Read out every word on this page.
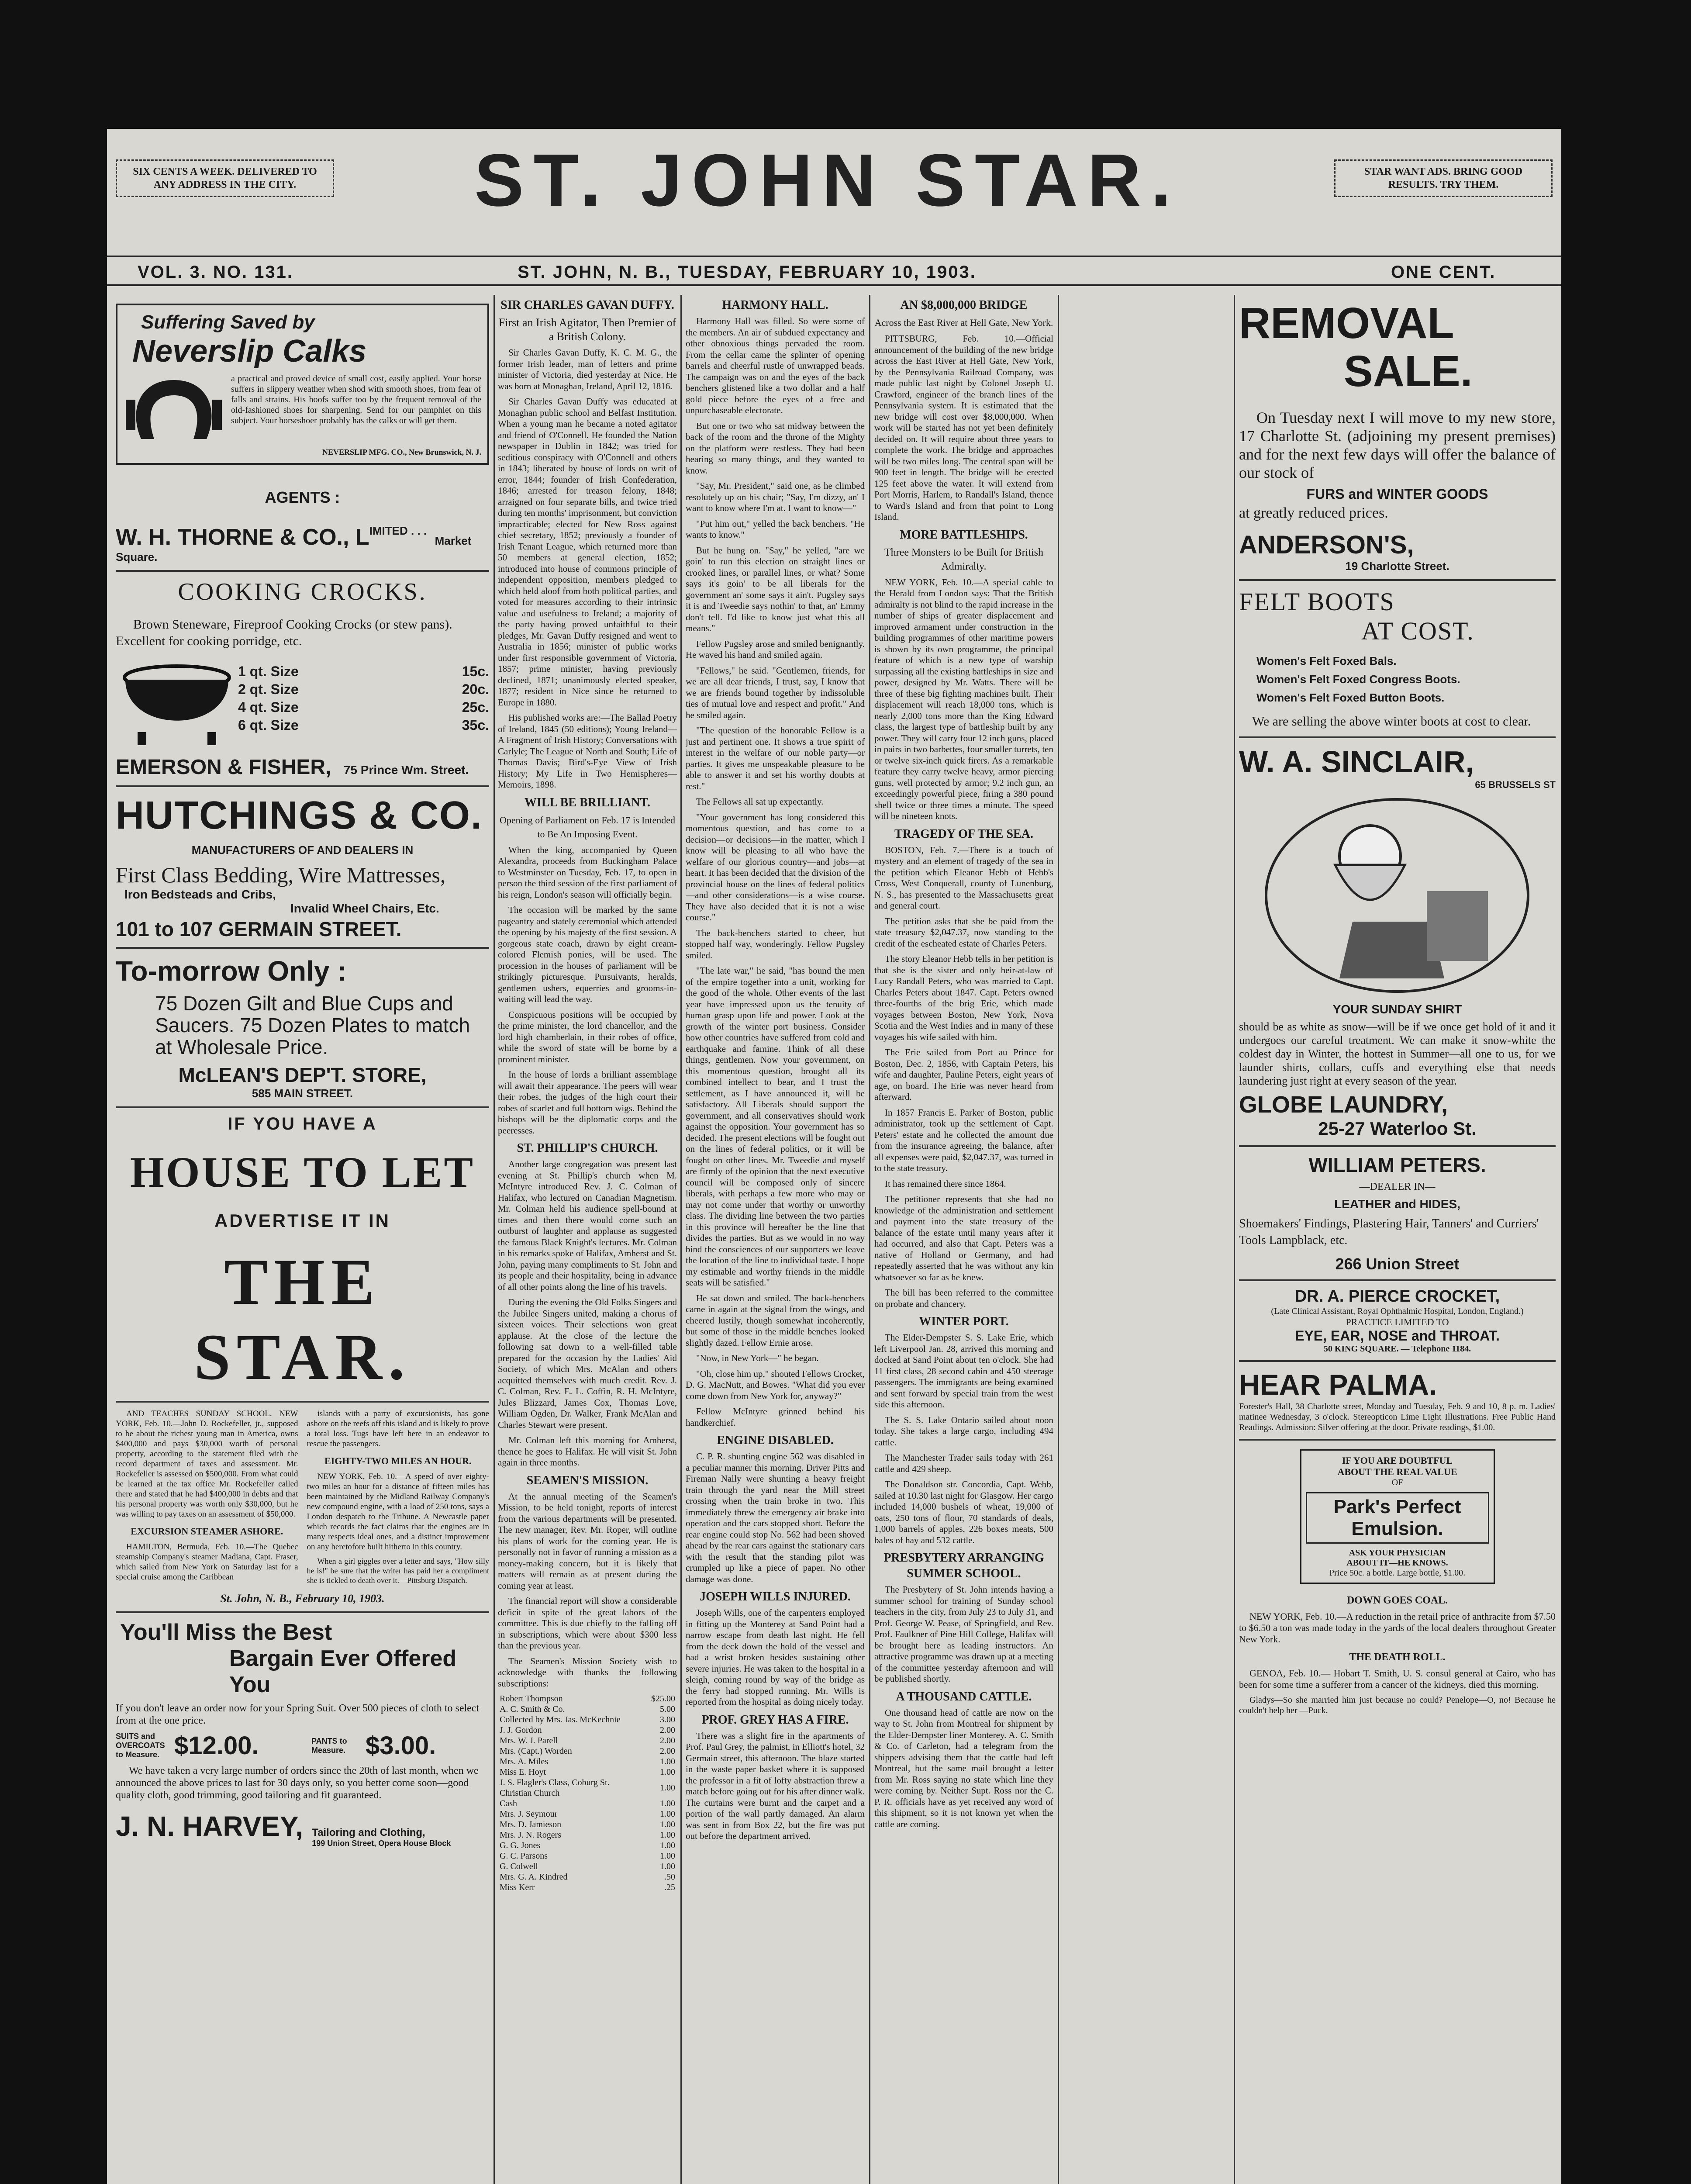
SIX CENTS A WEEK. DELIVERED TO ANY ADDRESS IN THE CITY.	ST. JOHN STAR.	STAR WANT ADS. BRING GOOD RESULTS. TRY THEM.
VOL. 3. NO. 131.	ST. JOHN, N. B., TUESDAY, FEBRUARY 10, 1903.	ONE CENT.
Suffering Saved by
Neverslip Calks
a practical and proved device of small cost, easily applied. Your horse suffers in slippery weather when shod with smooth shoes, from fear of falls and strains. His hoofs suffer too by the frequent removal of the old-fashioned shoes for sharpening. Send for our pamphlet on this subject. Your horseshoer probably has the calks or will get them.
NEVERSLIP MFG. CO., New Brunswick, N. J.
AGENTS :
W. H. THORNE & CO., LIMITED . . . Market Square.
COOKING CROCKS.
Brown Steneware, Fireproof Cooking Crocks (or stew pans). Excellent for cooking porridge, etc.
1 qt. Size	15c.
2 qt. Size	20c.
4 qt. Size	25c.
6 qt. Size	35c.
EMERSON & FISHER, 75 Prince Wm. Street.
HUTCHINGS & CO.
MANUFACTURERS OF AND DEALERS IN
First Class Bedding, Wire Mattresses,
Iron Bedsteads and Cribs,
Invalid Wheel Chairs, Etc.
101 to 107 GERMAIN STREET.
To-morrow Only :
75 Dozen Gilt and Blue Cups and Saucers. 75 Dozen Plates to match at Wholesale Price.
McLEAN'S DEP'T. STORE,
585 MAIN STREET.
IF YOU HAVE A
HOUSE TO LET
ADVERTISE IT IN
THE STAR.
AND TEACHES SUNDAY SCHOOL. NEW YORK, Feb. 10.—John D. Rockefeller, jr., supposed to be about the richest young man in America, owns $400,000 and pays $30,000 worth of personal property, according to the statement filed with the record department of taxes and assessment. Mr. Rockefeller is assessed on $500,000. From what could be learned at the tax office Mr. Rockefeller called there and stated that he had $400,000 in debts and that his personal property was worth only $30,000, but he was willing to pay taxes on an assessment of $50,000.
EXCURSION STEAMER ASHORE.
HAMILTON, Bermuda, Feb. 10.—The Quebec steamship Company's steamer Madiana, Capt. Fraser, which sailed from New York on Saturday last for a special cruise among the Caribbean
islands with a party of excursionists, has gone ashore on the reefs off this island and is likely to prove a total loss. Tugs have left here in an endeavor to rescue the passengers.
EIGHTY-TWO MILES AN HOUR.
NEW YORK, Feb. 10.—A speed of over eighty-two miles an hour for a distance of fifteen miles has been maintained by the Midland Railway Company's new compound engine, with a load of 250 tons, says a London despatch to the Tribune. A Newcastle paper which records the fact claims that the engines are in many respects ideal ones, and a distinct improvement on any heretofore built hitherto in this country.
When a girl giggles over a letter and says, "How silly he is!" be sure that the writer has paid her a compliment she is tickled to death over it.—Pittsburg Dispatch.
St. John, N. B., February 10, 1903.
You'll Miss the Best
Bargain Ever Offered You
If you don't leave an order now for your Spring Suit. Over 500 pieces of cloth to select from at the one price.
SUITS and OVERCOATS to Measure. $12.00.	PANTS to Measure. $3.00.
We have taken a very large number of orders since the 20th of last month, when we announced the above prices to last for 30 days only, so you better come soon—good quality cloth, good trimming, good tailoring and fit guaranteed.
J. N. HARVEY, Tailoring and Clothing,
199 Union Street, Opera House Block
SIR CHARLES GAVAN DUFFY.
First an Irish Agitator, Then Premier of a British Colony.
Sir Charles Gavan Duffy, K. C. M. G., the former Irish leader, man of letters and prime minister of Victoria, died yesterday at Nice. He was born at Monaghan, Ireland, April 12, 1816.
Sir Charles Gavan Duffy was educated at Monaghan public school and Belfast Institution. When a young man he became a noted agitator and friend of O'Connell. He founded the Nation newspaper in Dublin in 1842; was tried for seditious conspiracy with O'Connell and others in 1843; liberated by house of lords on writ of error, 1844; founder of Irish Confederation, 1846; arrested for treason felony, 1848; arraigned on four separate bills, and twice tried during ten months' imprisonment, but conviction impracticable; elected for New Ross against chief secretary, 1852; previously a founder of Irish Tenant League, which returned more than 50 members at general election, 1852; introduced into house of commons principle of independent opposition, members pledged to which held aloof from both political parties, and voted for measures according to their intrinsic value and usefulness to Ireland; a majority of the party having proved unfaithful to their pledges, Mr. Gavan Duffy resigned and went to Australia in 1856; minister of public works under first responsible government of Victoria, 1857; prime minister, having previously declined, 1871; unanimously elected speaker, 1877; resident in Nice since he returned to Europe in 1880.
His published works are:—The Ballad Poetry of Ireland, 1845 (50 editions); Young Ireland—A Fragment of Irish History; Conversations with Carlyle; The League of North and South; Life of Thomas Davis; Bird's-Eye View of Irish History; My Life in Two Hemispheres—Memoirs, 1898.
WILL BE BRILLIANT.
Opening of Parliament on Feb. 17 is Intended to Be An Imposing Event.
When the king, accompanied by Queen Alexandra, proceeds from Buckingham Palace to Westminster on Tuesday, Feb. 17, to open in person the third session of the first parliament of his reign, London's season will officially begin.
The occasion will be marked by the same pageantry and stately ceremonial which attended the opening by his majesty of the first session. A gorgeous state coach, drawn by eight cream-colored Flemish ponies, will be used. The procession in the houses of parliament will be strikingly picturesque. Pursuivants, heralds, gentlemen ushers, equerries and grooms-in-waiting will lead the way.
Conspicuous positions will be occupied by the prime minister, the lord chancellor, and the lord high chamberlain, in their robes of office, while the sword of state will be borne by a prominent minister.
In the house of lords a brilliant assemblage will await their appearance. The peers will wear their robes, the judges of the high court their robes of scarlet and full bottom wigs. Behind the bishops will be the diplomatic corps and the peeresses.
ST. PHILLIP'S CHURCH.
Another large congregation was present last evening at St. Phillip's church when M. McIntyre introduced Rev. J. C. Colman of Halifax, who lectured on Canadian Magnetism. Mr. Colman held his audience spell-bound at times and then there would come such an outburst of laughter and applause as suggested the famous Black Knight's lectures. Mr. Colman in his remarks spoke of Halifax, Amherst and St. John, paying many compliments to St. John and its people and their hospitality, being in advance of all other points along the line of his travels.
During the evening the Old Folks Singers and the Jubilee Singers united, making a chorus of sixteen voices. Their selections won great applause. At the close of the lecture the following sat down to a well-filled table prepared for the occasion by the Ladies' Aid Society, of which Mrs. McAlan and others acquitted themselves with much credit. Rev. J. C. Colman, Rev. E. L. Coffin, R. H. McIntyre, Jules Blizzard, James Cox, Thomas Love, William Ogden, Dr. Walker, Frank McAlan and Charles Stewart were present.
Mr. Colman left this morning for Amherst, thence he goes to Halifax. He will visit St. John again in three months.
SEAMEN'S MISSION.
At the annual meeting of the Seamen's Mission, to be held tonight, reports of interest from the various departments will be presented. The new manager, Rev. Mr. Roper, will outline his plans of work for the coming year. He is personally not in favor of running a mission as a money-making concern, but it is likely that matters will remain as at present during the coming year at least.
The financial report will show a considerable deficit in spite of the great labors of the committee. This is due chiefly to the falling off in subscriptions, which were about $300 less than the previous year.
The Seamen's Mission Society wish to acknowledge with thanks the following subscriptions:
Robert Thompson	$25.00
A. C. Smith & Co.	5.00
Collected by Mrs. Jas. McKechnie	3.00
J. J. Gordon	2.00
Mrs. W. J. Parell	2.00
Mrs. (Capt.) Worden	2.00
Mrs. A. Miles	1.00
Miss E. Hoyt	1.00
J. S. Flagler's Class, Coburg St. Christian Church	1.00
Cash	1.00
Mrs. J. Seymour	1.00
Mrs. D. Jamieson	1.00
Mrs. J. N. Rogers	1.00
G. G. Jones	1.00
G. C. Parsons	1.00
G. Colwell	1.00
Mrs. G. A. Kindred	.50
Miss Kerr	.25
HARMONY HALL.
Harmony Hall was filled. So were some of the members. An air of subdued expectancy and other obnoxious things pervaded the room. From the cellar came the splinter of opening barrels and cheerful rustle of unwrapped beads. The campaign was on and the eyes of the back benchers glistened like a two dollar and a half gold piece before the eyes of a free and unpurchaseable electorate.
But one or two who sat midway between the back of the room and the throne of the Mighty on the platform were restless. They had been hearing so many things, and they wanted to know.
"Say, Mr. President," said one, as he climbed resolutely up on his chair; "Say, I'm dizzy, an' I want to know where I'm at. I want to know—"
"Put him out," yelled the back benchers. "He wants to know."
But he hung on. "Say," he yelled, "are we goin' to run this election on straight lines or crooked lines, or parallel lines, or what? Some says it's goin' to be all liberals for the government an' some says it ain't. Pugsley says it is and Tweedie says nothin' to that, an' Emmy don't tell. I'd like to know just what this all means."
Fellow Pugsley arose and smiled benignantly. He waved his hand and smiled again.
"Fellows," he said. "Gentlemen, friends, for we are all dear friends, I trust, say, I know that we are friends bound together by indissoluble ties of mutual love and respect and profit." And he smiled again.
"The question of the honorable Fellow is a just and pertinent one. It shows a true spirit of interest in the welfare of our noble party—or parties. It gives me unspeakable pleasure to be able to answer it and set his worthy doubts at rest."
The Fellows all sat up expectantly.
"Your government has long considered this momentous question, and has come to a decision—or decisions—in the matter, which I know will be pleasing to all who have the welfare of our glorious country—and jobs—at heart. It has been decided that the division of the provincial house on the lines of federal politics—and other considerations—is a wise course. They have also decided that it is not a wise course."
The back-benchers started to cheer, but stopped half way, wonderingly. Fellow Pugsley smiled.
"The late war," he said, "has bound the men of the empire together into a unit, working for the good of the whole. Other events of the last year have impressed upon us the tenuity of human grasp upon life and power. Look at the growth of the winter port business. Consider how other countries have suffered from cold and earthquake and famine. Think of all these things, gentlemen. Now your government, on this momentous question, brought all its combined intellect to bear, and I trust the settlement, as I have announced it, will be satisfactory. All Liberals should support the government, and all conservatives should work against the opposition. Your government has so decided. The present elections will be fought out on the lines of federal politics, or it will be fought on other lines. Mr. Tweedie and myself are firmly of the opinion that the next executive council will be composed only of sincere liberals, with perhaps a few more who may or may not come under that worthy or unworthy class. The dividing line between the two parties in this province will hereafter be the line that divides the parties. But as we would in no way bind the consciences of our supporters we leave the location of the line to individual taste. I hope my estimable and worthy friends in the middle seats will be satisfied."
He sat down and smiled. The back-benchers came in again at the signal from the wings, and cheered lustily, though somewhat incoherently, but some of those in the middle benches looked slightly dazed. Fellow Ernie arose.
"Now, in New York—" he began.
"Oh, close him up," shouted Fellows Crocket, D. G. MacNutt, and Bowes. "What did you ever come down from New York for, anyway?"
Fellow McIntyre grinned behind his handkerchief.
ENGINE DISABLED.
C. P. R. shunting engine 562 was disabled in a peculiar manner this morning. Driver Pitts and Fireman Nally were shunting a heavy freight train through the yard near the Mill street crossing when the train broke in two. This immediately threw the emergency air brake into operation and the cars stopped short. Before the rear engine could stop No. 562 had been shoved ahead by the rear cars against the stationary cars with the result that the standing pilot was crumpled up like a piece of paper. No other damage was done.
JOSEPH WILLS INJURED.
Joseph Wills, one of the carpenters employed in fitting up the Monterey at Sand Point had a narrow escape from death last night. He fell from the deck down the hold of the vessel and had a wrist broken besides sustaining other severe injuries. He was taken to the hospital in a sleigh, coming round by way of the bridge as the ferry had stopped running. Mr. Wills is reported from the hospital as doing nicely today.
PROF. GREY HAS A FIRE.
There was a slight fire in the apartments of Prof. Paul Grey, the palmist, in Elliott's hotel, 32 Germain street, this afternoon. The blaze started in the waste paper basket where it is supposed the professor in a fit of lofty abstraction threw a match before going out for his after dinner walk. The curtains were burnt and the carpet and a portion of the wall partly damaged. An alarm was sent in from Box 22, but the fire was put out before the department arrived.
AN $8,000,000 BRIDGE
Across the East River at Hell Gate, New York.
PITTSBURG, Feb. 10.—Official announcement of the building of the new bridge across the East River at Hell Gate, New York, by the Pennsylvania Railroad Company, was made public last night by Colonel Joseph U. Crawford, engineer of the branch lines of the Pennsylvania system. It is estimated that the new bridge will cost over $8,000,000. When work will be started has not yet been definitely decided on. It will require about three years to complete the work. The bridge and approaches will be two miles long. The central span will be 900 feet in length. The bridge will be erected 125 feet above the water. It will extend from Port Morris, Harlem, to Randall's Island, thence to Ward's Island and from that point to Long Island.
MORE BATTLESHIPS.
Three Monsters to be Built for British Admiralty.
NEW YORK, Feb. 10.—A special cable to the Herald from London says: That the British admiralty is not blind to the rapid increase in the number of ships of greater displacement and improved armament under construction in the building programmes of other maritime powers is shown by its own programme, the principal feature of which is a new type of warship surpassing all the existing battleships in size and power, designed by Mr. Watts. There will be three of these big fighting machines built. Their displacement will reach 18,000 tons, which is nearly 2,000 tons more than the King Edward class, the largest type of battleship built by any power. They will carry four 12 inch guns, placed in pairs in two barbettes, four smaller turrets, ten or twelve six-inch quick firers. As a remarkable feature they carry twelve heavy, armor piercing guns, well protected by armor; 9.2 inch gun, an exceedingly powerful piece, firing a 380 pound shell twice or three times a minute. The speed will be nineteen knots.
TRAGEDY OF THE SEA.
BOSTON, Feb. 7.—There is a touch of mystery and an element of tragedy of the sea in the petition which Eleanor Hebb of Hebb's Cross, West Conquerall, county of Lunenburg, N. S., has presented to the Massachusetts great and general court.
The petition asks that she be paid from the state treasury $2,047.37, now standing to the credit of the escheated estate of Charles Peters.
The story Eleanor Hebb tells in her petition is that she is the sister and only heir-at-law of Lucy Randall Peters, who was married to Capt. Charles Peters about 1847. Capt. Peters owned three-fourths of the brig Erie, which made voyages between Boston, New York, Nova Scotia and the West Indies and in many of these voyages his wife sailed with him.
The Erie sailed from Port au Prince for Boston, Dec. 2, 1856, with Captain Peters, his wife and daughter, Pauline Peters, eight years of age, on board. The Erie was never heard from afterward.
In 1857 Francis E. Parker of Boston, public administrator, took up the settlement of Capt. Peters' estate and he collected the amount due from the insurance agreeing, the balance, after all expenses were paid, $2,047.37, was turned in to the state treasury.
It has remained there since 1864.
The petitioner represents that she had no knowledge of the administration and settlement and payment into the state treasury of the balance of the estate until many years after it had occurred, and also that Capt. Peters was a native of Holland or Germany, and had repeatedly asserted that he was without any kin whatsoever so far as he knew.
The bill has been referred to the committee on probate and chancery.
WINTER PORT.
The Elder-Dempster S. S. Lake Erie, which left Liverpool Jan. 28, arrived this morning and docked at Sand Point about ten o'clock. She had 11 first class, 28 second cabin and 450 steerage passengers. The immigrants are being examined and sent forward by special train from the west side this afternoon.
The S. S. Lake Ontario sailed about noon today. She takes a large cargo, including 494 cattle.
The Manchester Trader sails today with 261 cattle and 429 sheep.
The Donaldson str. Concordia, Capt. Webb, sailed at 10.30 last night for Glasgow. Her cargo included 14,000 bushels of wheat, 19,000 of oats, 250 tons of flour, 70 standards of deals, 1,000 barrels of apples, 226 boxes meats, 500 bales of hay and 532 cattle.
PRESBYTERY ARRANGING SUMMER SCHOOL.
The Presbytery of St. John intends having a summer school for training of Sunday school teachers in the city, from July 23 to July 31, and Prof. George W. Pease, of Springfield, and Rev. Prof. Faulkner of Pine Hill College, Halifax will be brought here as leading instructors. An attractive programme was drawn up at a meeting of the committee yesterday afternoon and will be published shortly.
A THOUSAND CATTLE.
One thousand head of cattle are now on the way to St. John from Montreal for shipment by the Elder-Dempster liner Monterey. A. C. Smith & Co. of Carleton, had a telegram from the shippers advising them that the cattle had left Montreal, but the same mail brought a letter from Mr. Ross saying no state which line they were coming by. Neither Supt. Ross nor the C. P. R. officials have as yet received any word of this shipment, so it is not known yet when the cattle are coming.
REMOVAL
SALE.
On Tuesday next I will move to my new store, 17 Charlotte St. (adjoining my present premises) and for the next few days will offer the balance of our stock of
FURS and WINTER GOODS
at greatly reduced prices.
ANDERSON'S,
19 Charlotte Street.
FELT BOOTS
AT COST.
Women's Felt Foxed Bals.
Women's Felt Foxed Congress Boots.
Women's Felt Foxed Button Boots.
We are selling the above winter boots at cost to clear.
W. A. SINCLAIR,
65 BRUSSELS ST
YOUR SUNDAY SHIRT
should be as white as snow—will be if we once get hold of it and it undergoes our careful treatment. We can make it snow-white the coldest day in Winter, the hottest in Summer—all one to us, for we launder shirts, collars, cuffs and everything else that needs laundering just right at every season of the year.
GLOBE LAUNDRY,
25-27 Waterloo St.
WILLIAM PETERS.
—DEALER IN—
LEATHER and HIDES,
Shoemakers' Findings, Plastering Hair, Tanners' and Curriers' Tools Lampblack, etc.
266 Union Street
DR. A. PIERCE CROCKET,
(Late Clinical Assistant, Royal Ophthalmic Hospital, London, England.)
PRACTICE LIMITED TO
EYE, EAR, NOSE and THROAT.
50 KING SQUARE. — Telephone 1184.
HEAR PALMA.
Forester's Hall, 38 Charlotte street, Monday and Tuesday, Feb. 9 and 10, 8 p. m. Ladies' matinee Wednesday, 3 o'clock. Stereopticon Lime Light Illustrations. Free Public Hand Readings. Admission: Silver offering at the door. Private readings, $1.00.
IF YOU ARE DOUBTFUL
ABOUT THE REAL VALUE
OF
Park's Perfect
Emulsion.
ASK YOUR PHYSICIAN
ABOUT IT—HE KNOWS.
Price 50c. a bottle. Large bottle, $1.00.
DOWN GOES COAL.
NEW YORK, Feb. 10.—A reduction in the retail price of anthracite from $7.50 to $6.50 a ton was made today in the yards of the local dealers throughout Greater New York.
THE DEATH ROLL.
GENOA, Feb. 10.— Hobart T. Smith, U. S. consul general at Cairo, who has been for some time a sufferer from a cancer of the kidneys, died this morning.
Gladys—So she married him just because no could? Penelope—O, no! Because he couldn't help her —Puck.
